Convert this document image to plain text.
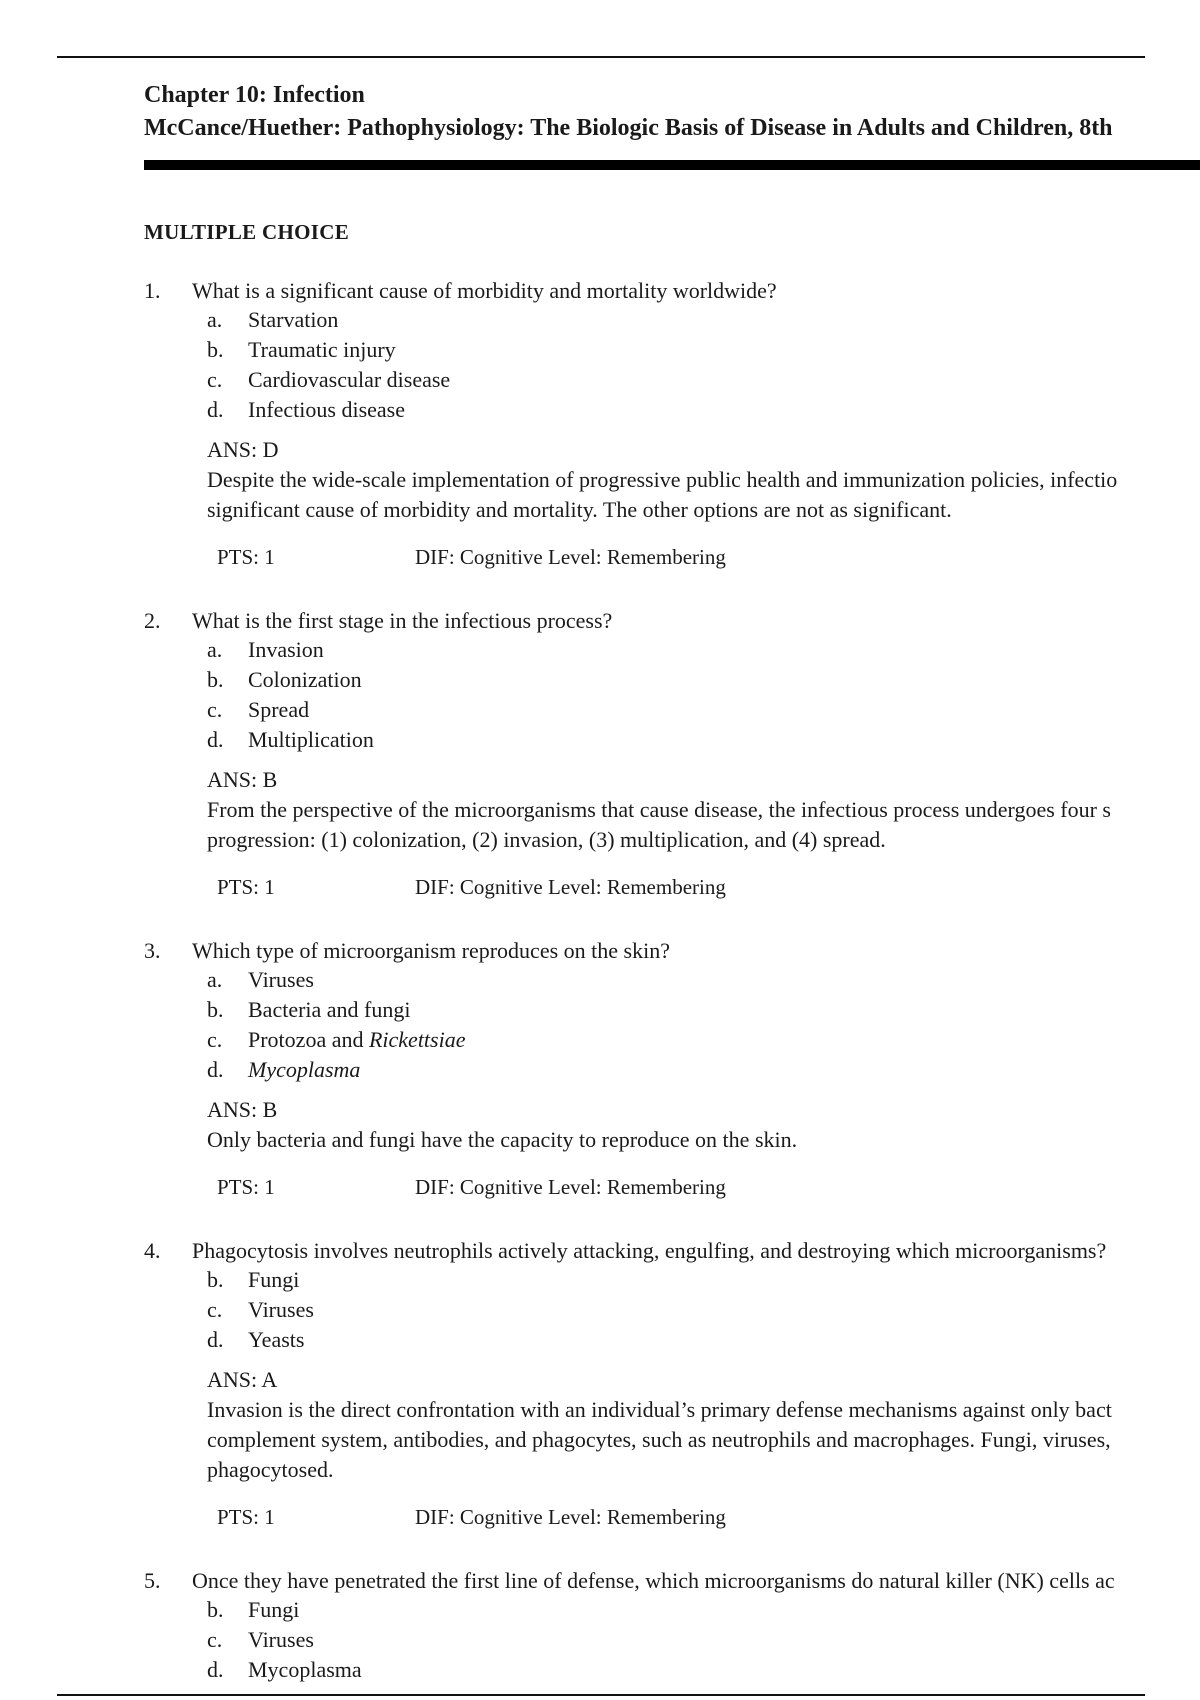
Chapter 10: Infection
McCance/Huether: Pathophysiology: The Biologic Basis of Disease in Adults and Children, 8th
MULTIPLE CHOICE
1. What is a significant cause of morbidity and mortality worldwide?
a.	Starvation
b.	Traumatic injury
c.	Cardiovascular disease
d.	Infectious disease
ANS: D
Despite the wide-scale implementation of progressive public health and immunization policies, infectio
significant cause of morbidity and mortality. The other options are not as significant.
PTS: 1	DIF: Cognitive Level: Remembering
2. What is the first stage in the infectious process?
a.	Invasion
b.	Colonization
c.	Spread
d.	Multiplication
ANS: B
From the perspective of the microorganisms that cause disease, the infectious process undergoes four s
progression: (1) colonization, (2) invasion, (3) multiplication, and (4) spread.
PTS: 1	DIF: Cognitive Level: Remembering
3. Which type of microorganism reproduces on the skin?
a.	Viruses
b.	Bacteria and fungi
c.	Protozoa and Rickettsiae
d.	Mycoplasma
ANS: B
Only bacteria and fungi have the capacity to reproduce on the skin.
PTS: 1	DIF: Cognitive Level: Remembering
4. Phagocytosis involves neutrophils actively attacking, engulfing, and destroying which microorganisms?
b.	Fungi
c.	Viruses
d.	Yeasts
ANS: A
Invasion is the direct confrontation with an individual’s primary defense mechanisms against only bact
complement system, antibodies, and phagocytes, such as neutrophils and macrophages. Fungi, viruses,
phagocytosed.
PTS: 1	DIF: Cognitive Level: Remembering
5. Once they have penetrated the first line of defense, which microorganisms do natural killer (NK) cells ac
b.	Fungi
c.	Viruses
d.	Mycoplasma
